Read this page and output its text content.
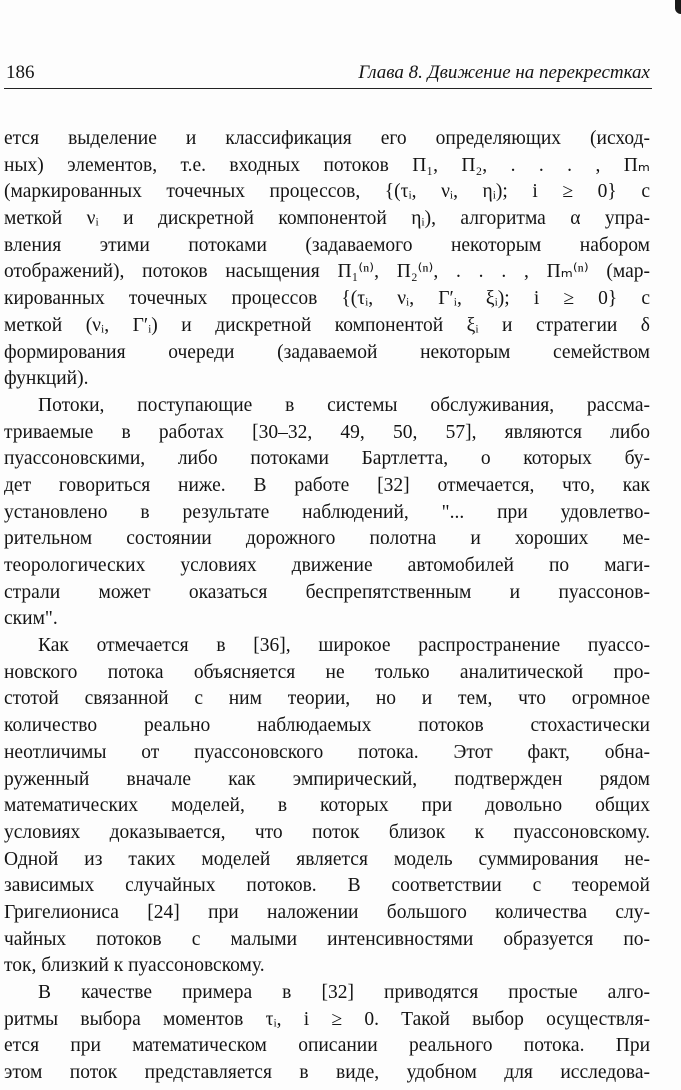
186	Глава 8. Движение на перекрестках
ется выделение и классификация его определяющих (исход-
ных) элементов, т.е. входных потоков Π₁, Π₂, . . . , Πₘ
(маркированных точечных процессов, {(τᵢ, νᵢ, ηᵢ); i ≥ 0} с
меткой νᵢ и дискретной компонентой ηᵢ), алгоритма α упра-
вления этими потоками (задаваемого некоторым набором
отображений), потоков насыщения Π₁⁽ⁿ⁾, Π₂⁽ⁿ⁾, . . . , Πₘ⁽ⁿ⁾ (мар-
кированных точечных процессов {(τᵢ, νᵢ, Γ′ᵢ, ξᵢ); i ≥ 0} с
меткой (νᵢ, Γ′ᵢ) и дискретной компонентой ξᵢ и стратегии δ
формирования очереди (задаваемой некоторым семейством
функций).
Потоки, поступающие в системы обслуживания, рассма-
триваемые в работах [30–32, 49, 50, 57], являются либо
пуассоновскими, либо потоками Бартлетта, о которых бу-
дет говориться ниже. В работе [32] отмечается, что, как
установлено в результате наблюдений, "... при удовлетво-
рительном состоянии дорожного полотна и хороших ме-
теорологических условиях движение автомобилей по маги-
страли может оказаться беспрепятственным и пуассонов-
ским".
Как отмечается в [36], широкое распространение пуассо-
новского потока объясняется не только аналитической про-
стотой связанной с ним теории, но и тем, что огромное
количество реально наблюдаемых потоков стохастически
неотличимы от пуассоновского потока. Этот факт, обна-
руженный вначале как эмпирический, подтвержден рядом
математических моделей, в которых при довольно общих
условиях доказывается, что поток близок к пуассоновскому.
Одной из таких моделей является модель суммирования не-
зависимых случайных потоков. В соответствии с теоремой
Григелиониса [24] при наложении большого количества слу-
чайных потоков с малыми интенсивностями образуется по-
ток, близкий к пуассоновскому.
В качестве примера в [32] приводятся простые алго-
ритмы выбора моментов τᵢ, i ≥ 0. Такой выбор осуществля-
ется при математическом описании реального потока. При
этом поток представляется в виде, удобном для исследова-
